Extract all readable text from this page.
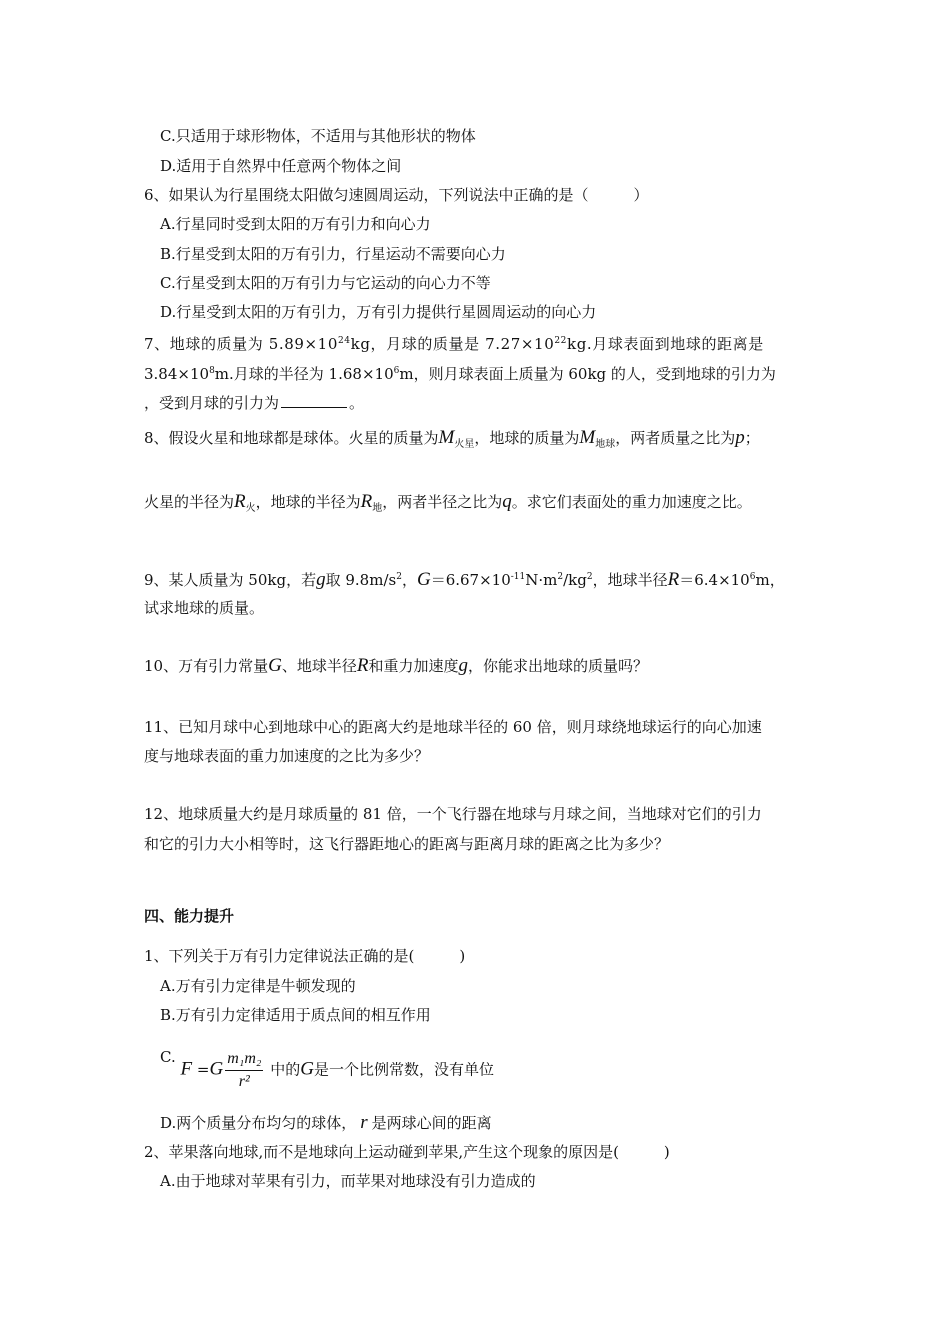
C.只适用于球形物体，不适用与其他形状的物体
D.适用于自然界中任意两个物体之间
6、如果认为行星围绕太阳做匀速圆周运动，下列说法中正确的是（　　　）
A.行星同时受到太阳的万有引力和向心力
B.行星受到太阳的万有引力，行星运动不需要向心力
C.行星受到太阳的万有引力与它运动的向心力不等
D.行星受到太阳的万有引力，万有引力提供行星圆周运动的向心力
7、地球的质量为 $5.89\times 10^{24}kg$，月球的质量是 $7.27\times 10^{22}kg$.月球表面到地球的距离是
$3.84\times 10^8m$.月球的半径为 $1.68\times 10^6m$，则月球表面上质量为 60kg 的人，受到地球的引力为
，受到月球的引力为	。
8、假设火星和地球都是球体。火星的质量为$M_{火星}$，地球的质量为$M_{地球}$，两者质量之比为p；
火星的半径为$R_火$，地球的半径为$R_地$，两者半径之比为q。求它们表面处的重力加速度之比。
9、某人质量为 50kg，若g取 $9.8m/s^2$，$G=6.67\times 10^{-11}N\cdot m^2/kg^2$，地球半径$R=6.4\times 10^6m$，
试求地球的质量。
10、万有引力常量G、地球半径R和重力加速度g，你能求出地球的质量吗？
11、已知月球中心到地球中心的距离大约是地球半径的 60 倍，则月球绕地球运行的向心加速
度与地球表面的重力加速度的之比为多少？
12、地球质量大约是月球质量的 81 倍，一个飞行器在地球与月球之间，当地球对它们的引力
和它的引力大小相等时，这飞行器距地心的距离与距离月球的距离之比为多少？
四、能力提升
1、下列关于万有引力定律说法正确的是(　　　)
A.万有引力定律是牛顿发现的
B.万有引力定律适用于质点间的相互作用
C. $F =G \frac{\text{m₁m₂}}{\text{r²}}$ 中的G是一个比例常数，没有单位
D.两个质量分布均匀的球体， r 是两球心间的距离
2、苹果落向地球,而不是地球向上运动碰到苹果,产生这个现象的原因是(　　　)
A.由于地球对苹果有引力，而苹果对地球没有引力造成的
